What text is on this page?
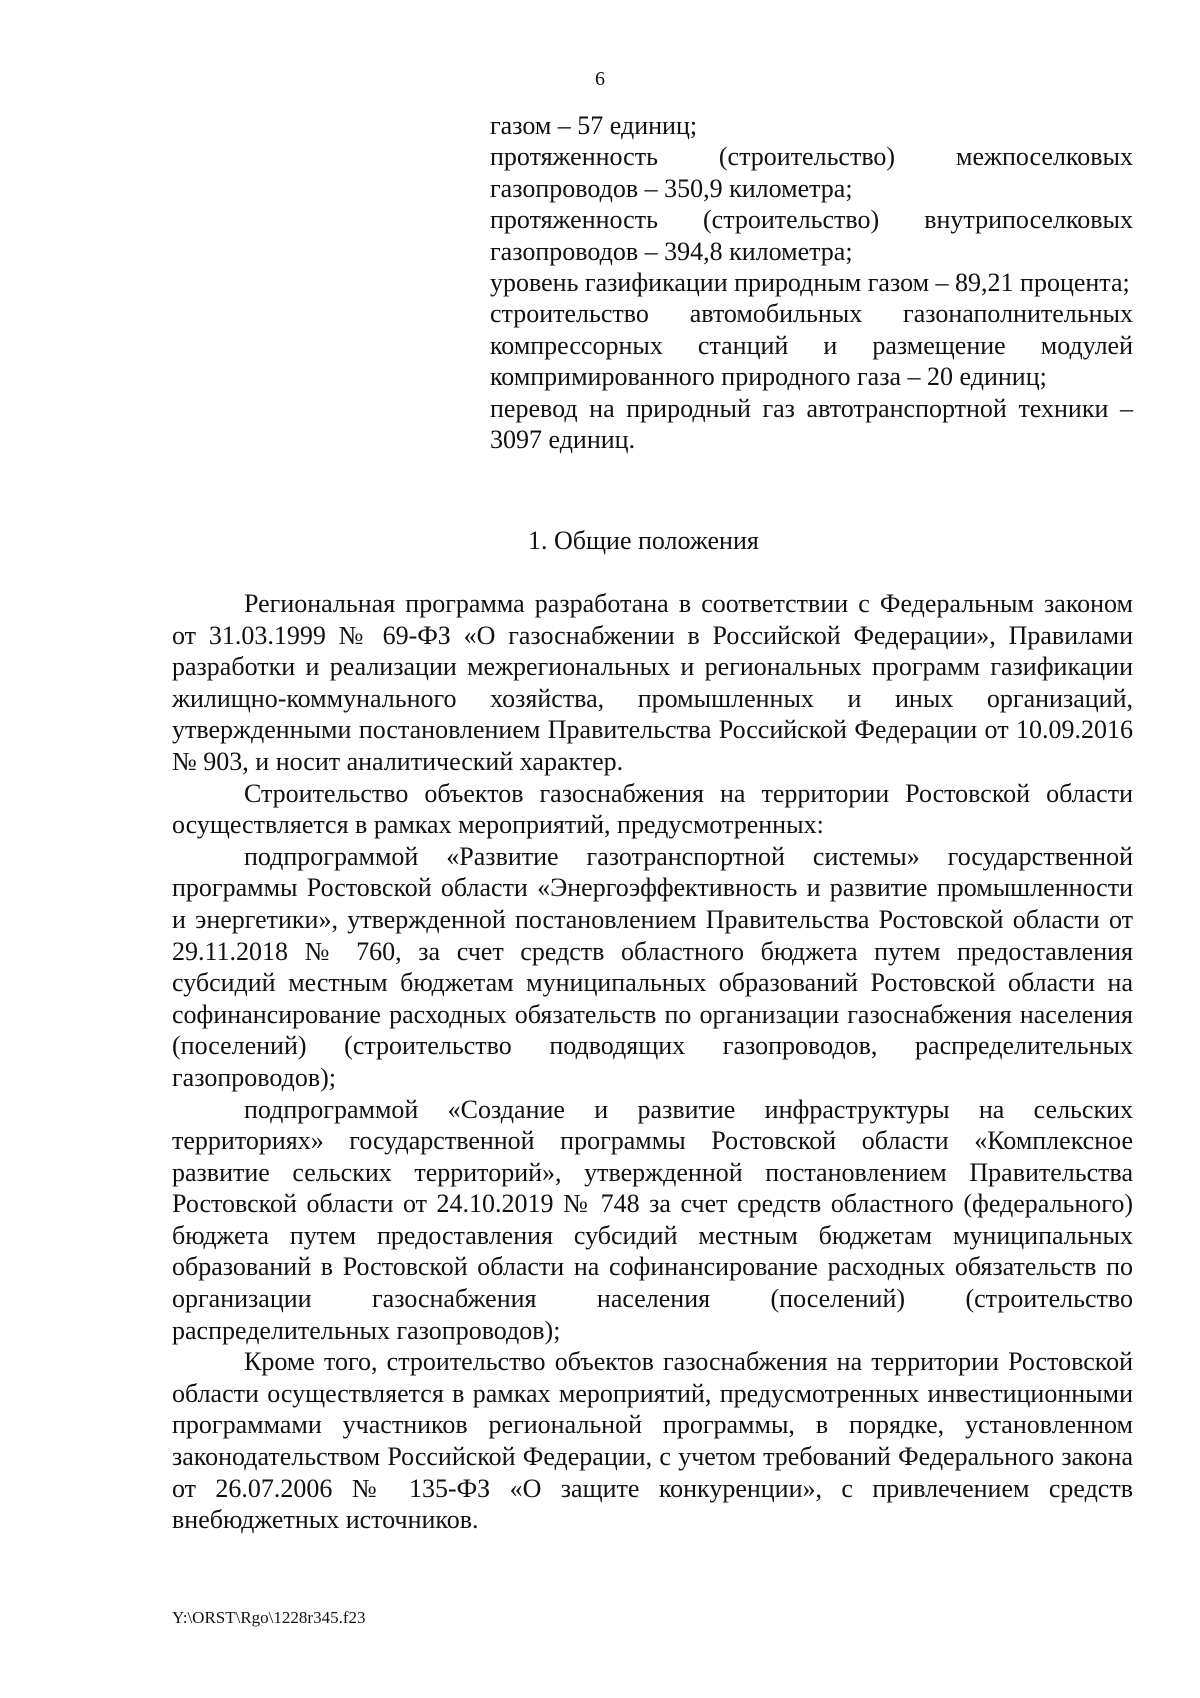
6

газом – 57 единиц;

протяженность (строительство) межпоселковых газопроводов – 350,9 километра;

протяженность (строительство) внутрипоселковых газопроводов – 394,8 километра;

уровень газификации природным газом – 89,21 процента;

строительство автомобильных газонаполнительных компрессорных станций и размещение модулей компримированного природного газа – 20 единиц;

перевод на природный газ автотранспортной техники – 3097 единиц.

1. Общие положения

Региональная программа разработана в соответствии с Федеральным законом от 31.03.1999 № 69-ФЗ «О газоснабжении в Российской Федерации», Правилами разработки и реализации межрегиональных и региональных программ газификации жилищно-коммунального хозяйства, промышленных и иных организаций, утвержденными постановлением Правительства Российской Федерации от 10.09.2016 № 903, и носит аналитический характер.

Строительство объектов газоснабжения на территории Ростовской области осуществляется в рамках мероприятий, предусмотренных:

подпрограммой «Развитие газотранспортной системы» государственной программы Ростовской области «Энергоэффективность и развитие промышленности и энергетики», утвержденной постановлением Правительства Ростовской области от 29.11.2018 № 760, за счет средств областного бюджета путем предоставления субсидий местным бюджетам муниципальных образований Ростовской области на софинансирование расходных обязательств по организации газоснабжения населения (поселений) (строительство подводящих газопроводов, распределительных газопроводов);

подпрограммой «Создание и развитие инфраструктуры на сельских территориях» государственной программы Ростовской области «Комплексное развитие сельских территорий», утвержденной постановлением Правительства Ростовской области от 24.10.2019 № 748 за счет средств областного (федерального) бюджета путем предоставления субсидий местным бюджетам муниципальных образований в Ростовской области на софинансирование расходных обязательств по организации газоснабжения населения (поселений) (строительство распределительных газопроводов);

Кроме того, строительство объектов газоснабжения на территории Ростовской области осуществляется в рамках мероприятий, предусмотренных инвестиционными программами участников региональной программы, в порядке, установленном законодательством Российской Федерации, с учетом требований Федерального закона от 26.07.2006 № 135-ФЗ «О защите конкуренции», с привлечением средств внебюджетных источников.

Y:\ORST\Rgo\1228r345.f23
